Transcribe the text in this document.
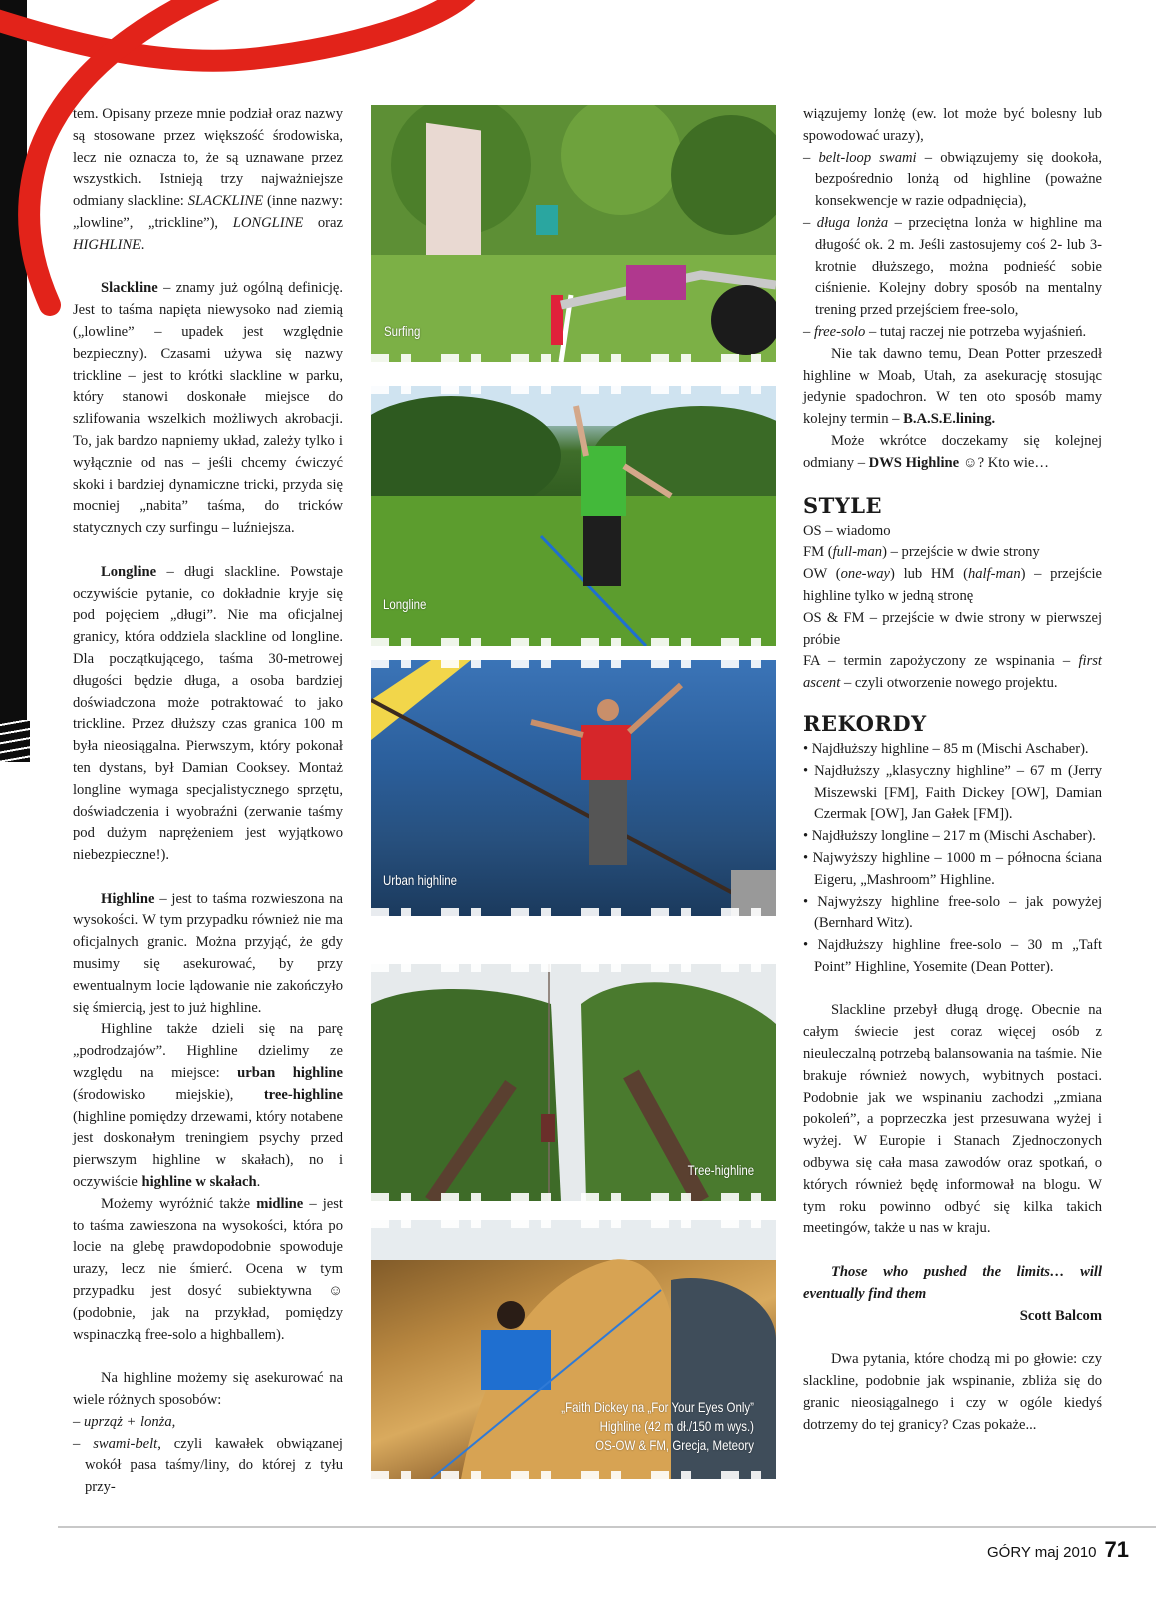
tem. Opisany przeze mnie podział oraz nazwy są stosowane przez większość środowiska, lecz nie oznacza to, że są uznawane przez wszystkich. Istnieją trzy najważniejsze odmiany slackline: SLACKLINE (inne nazwy: „lowline”, „trickline”), LONGLINE oraz HIGHLINE.

Slackline – znamy już ogólną definicję. Jest to taśma napięta niewysoko nad ziemią („lowline” – upadek jest względnie bezpieczny). Czasami używa się nazwy trickline – jest to krótki slackline w parku, który stanowi doskonałe miejsce do szlifowania wszelkich możliwych akrobacji. To, jak bardzo napniemy układ, zależy tylko i wyłącznie od nas – jeśli chcemy ćwiczyć skoki i bardziej dynamiczne tricki, przyda się mocniej „nabita” taśma, do tricków statycznych czy surfingu – luźniejsza.

Longline – długi slackline. Powstaje oczywiście pytanie, co dokładnie kryje się pod pojęciem „długi”. Nie ma oficjalnej granicy, która oddziela slackline od longline. Dla początkującego, taśma 30-metrowej długości będzie długa, a osoba bardziej doświadczona może potraktować to jako trickline. Przez dłuższy czas granica 100 m była nieosiągalna. Pierwszym, który pokonał ten dystans, był Damian Cooksey. Montaż longline wymaga specjalistycznego sprzętu, doświadczenia i wyobraźni (zerwanie taśmy pod dużym naprężeniem jest wyjątkowo niebezpieczne!).

Highline – jest to taśma rozwieszona na wysokości. W tym przypadku również nie ma oficjalnych granic. Można przyjąć, że gdy musimy się asekurować, by przy ewentualnym locie lądowanie nie zakończyło się śmiercią, jest to już highline.

Highline także dzieli się na parę „podrodzajów”. Highline dzielimy ze względu na miejsce: urban highline (środowisko miejskie), tree-highline (highline pomiędzy drzewami, który notabene jest doskonałym treningiem psychy przed pierwszym highline w skałach), no i oczywiście highline w skałach.

Możemy wyróżnić także midline – jest to taśma zawieszona na wysokości, która po locie na glebę prawdopodobnie spowoduje urazy, lecz nie śmierć. Ocena w tym przypadku jest dosyć subiektywna ☺ (podobnie, jak na przykład, pomiędzy wspinaczką free-solo a highballem).

Na highline możemy się asekurować na wiele różnych sposobów:

– uprząż + lonża,

– swami-belt, czyli kawałek obwiązanej wokół pasa taśmy/liny, do której z tyłu przy-

Surfing
Longline
Urban highline
Tree-highline
„Faith Dickey na „For Your Eyes Only”
Highline (42 m dł./150 m wys.)
OS-OW & FM, Grecja, Meteory

wiązujemy lonżę (ew. lot może być bolesny lub spowodować urazy),

– belt-loop swami – obwiązujemy się dookoła, bezpośrednio lonżą od highline (poważne konsekwencje w razie odpadnięcia),

– długa lonża – przeciętna lonża w highline ma długość ok. 2 m. Jeśli zastosujemy coś 2- lub 3-krotnie dłuższego, można podnieść sobie ciśnienie. Kolejny dobry sposób na mentalny trening przed przejściem free-solo,

– free-solo – tutaj raczej nie potrzeba wyjaśnień.

Nie tak dawno temu, Dean Potter przeszedł highline w Moab, Utah, za asekurację stosując jedynie spadochron. W ten oto sposób mamy kolejny termin – B.A.S.E.lining.

Może wkrótce doczekamy się kolejnej odmiany – DWS Highline ☺? Kto wie…

STYLE

OS – wiadomo

FM (full-man) – przejście w dwie strony

OW (one-way) lub HM (half-man) – przejście highline tylko w jedną stronę

OS & FM – przejście w dwie strony w pierwszej próbie

FA – termin zapożyczony ze wspinania – first ascent – czyli otworzenie nowego projektu.

REKORDY

• Najdłuższy highline – 85 m (Mischi Aschaber).

• Najdłuższy „klasyczny highline” – 67 m (Jerry Miszewski [FM], Faith Dickey [OW], Damian Czermak [OW], Jan Gałek [FM]).

• Najdłuższy longline – 217 m (Mischi Aschaber).

• Najwyższy highline – 1000 m – północna ściana Eigeru, „Mashroom” Highline.

• Najwyższy highline free-solo – jak powyżej (Bernhard Witz).

• Najdłuższy highline free-solo – 30 m „Taft Point” Highline, Yosemite (Dean Potter).

Slackline przebył długą drogę. Obecnie na całym świecie jest coraz więcej osób z nieuleczalną potrzebą balansowania na taśmie. Nie brakuje również nowych, wybitnych postaci. Podobnie jak we wspinaniu zachodzi „zmiana pokoleń”, a poprzeczka jest przesuwana wyżej i wyżej. W Europie i Stanach Zjednoczonych odbywa się cała masa zawodów oraz spotkań, o których również będę informował na blogu. W tym roku powinno odbyć się kilka takich meetingów, także u nas w kraju.

Those who pushed the limits… will eventually find them

Scott Balcom

Dwa pytania, które chodzą mi po głowie: czy slackline, podobnie jak wspinanie, zbliża się do granic nieosiągalnego i czy w ogóle kiedyś dotrzemy do tej granicy? Czas pokaże...

GÓRY maj 2010 71
